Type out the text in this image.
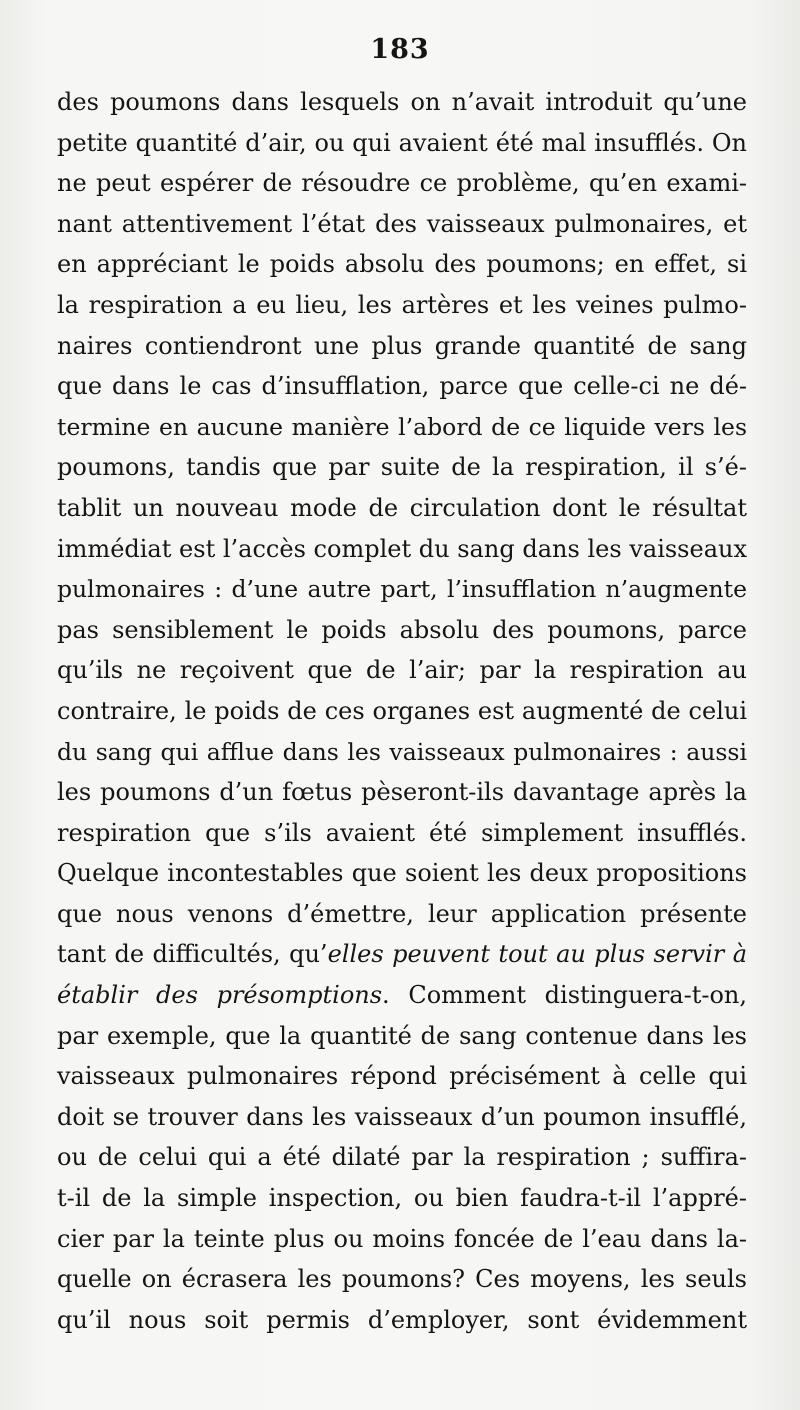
183
des poumons dans lesquels on n’avait introduit qu’une
petite quantité d’air, ou qui avaient été mal insufflés. On
ne peut espérer de résoudre ce problème, qu’en exami-
nant attentivement l’état des vaisseaux pulmonaires, et
en appréciant le poids absolu des poumons; en effet, si
la respiration a eu lieu, les artères et les veines pulmo-
naires contiendront une plus grande quantité de sang
que dans le cas d’insufflation, parce que celle-ci ne dé-
termine en aucune manière l’abord de ce liquide vers les
poumons, tandis que par suite de la respiration, il s’é-
tablit un nouveau mode de circulation dont le résultat
immédiat est l’accès complet du sang dans les vaisseaux
pulmonaires : d’une autre part, l’insufflation n’augmente
pas sensiblement le poids absolu des poumons, parce
qu’ils ne reçoivent que de l’air; par la respiration au
contraire, le poids de ces organes est augmenté de celui
du sang qui afflue dans les vaisseaux pulmonaires : aussi
les poumons d’un fœtus pèseront-ils davantage après la
respiration que s’ils avaient été simplement insufflés.
Quelque incontestables que soient les deux propositions
que nous venons d’émettre, leur application présente
tant de difficultés, qu’elles peuvent tout au plus servir à
établir des présomptions. Comment distinguera-t-on,
par exemple, que la quantité de sang contenue dans les
vaisseaux pulmonaires répond précisément à celle qui
doit se trouver dans les vaisseaux d’un poumon insufflé,
ou de celui qui a été dilaté par la respiration ; suffira-
t-il de la simple inspection, ou bien faudra-t-il l’appré-
cier par la teinte plus ou moins foncée de l’eau dans la-
quelle on écrasera les poumons? Ces moyens, les seuls
qu’il nous soit permis d’employer, sont évidemment
